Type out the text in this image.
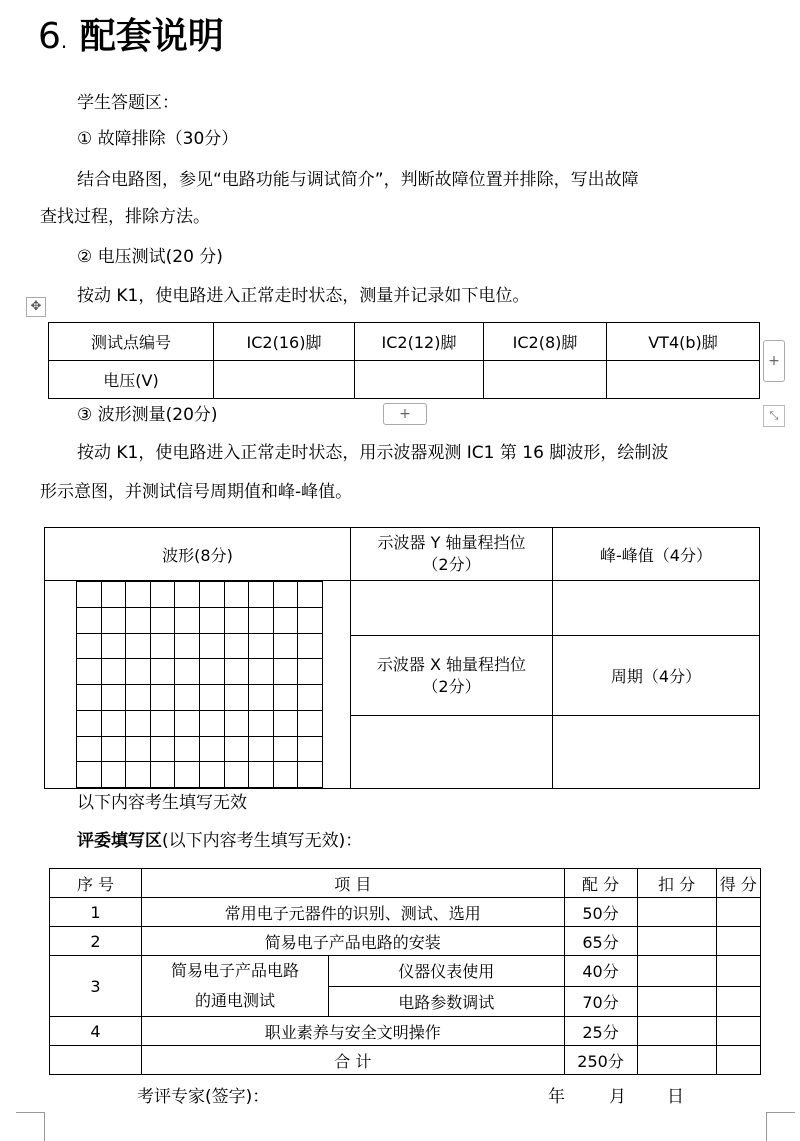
6. 配套说明
学生答题区：
① 故障排除（30分）
结合电路图，参见“电路功能与调试简介”，判断故障位置并排除，写出故障
查找过程，排除方法。
② 电压测试(20 分)
按动 K1，使电路进入正常走时状态，测量并记录如下电位。
✥
测试点编号	IC2(16)脚	IC2(12)脚	IC2(8)脚	VT4(b)脚
电压(V)				
+
+	⤡
③ 波形测量(20分)
按动 K1，使电路进入正常走时状态，用示波器观测 IC1 第 16 脚波形，绘制波
形示意图，并测试信号周期值和峰-峰值。
波形(8分)	
示波器 Y 轴量程挡位
（2分）	峰-峰值（4分）

示波器 X 轴量程挡位
（2分）	周期（4分）

以下内容考生填写无效
评委填写区(以下内容考生填写无效)：
序 号	项 目		配 分	扣 分	得 分
1	常用电子元器件的识别、测试、选用		50分		
2	简易电子产品电路的安装		65分		
3	简易电子产品电路
的通电测试	仪器仪表使用	40分		
		电路参数调试	70分		
4	职业素养与安全文明操作		25分		
	合 计		250分		
考评专家(签字)：	年	月 日
